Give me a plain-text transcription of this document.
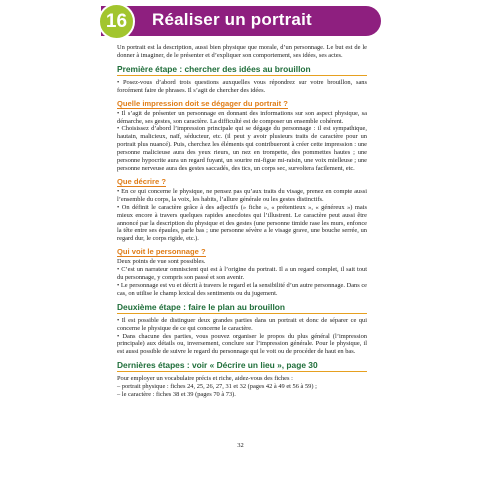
16	Réaliser un portrait

Un portrait est la description, aussi bien physique que morale, d’un personnage. Le but est de le donner à imaginer, de le présenter et d’expliquer son comportement, ses idées, ses actes.

Première étape : chercher des idées au brouillon

• Posez-vous d’abord trois questions auxquelles vous répondrez sur votre brouillon, sans forcément faire de phrases. Il s’agit de chercher des idées.

Quelle impression doit se dégager du portrait ?

• Il s’agit de présenter un personnage en donnant des informations sur son aspect physique, sa démarche, ses gestes, son caractère. La difficulté est de composer un ensemble cohérent.

• Choisissez d’abord l’impression principale qui se dégage du personnage : il est sympathique, hautain, malicieux, naïf, séducteur, etc. (il peut y avoir plusieurs traits de caractère pour un portrait plus nuancé). Puis, cherchez les éléments qui contribueront à créer cette impression : une personne malicieuse aura des yeux rieurs, un nez en trompette, des pommettes hautes ; une personne hypocrite aura un regard fuyant, un sourire mi-figue mi-raisin, une voix mielleuse ; une personne nerveuse aura des gestes saccadés, des tics, un corps sec, survoltera facilement, etc.

Que décrire ?

• En ce qui concerne le physique, ne pensez pas qu’aux traits du visage, prenez en compte aussi l’ensemble du corps, la voix, les habits, l’allure générale ou les gestes distinctifs.

• On définit le caractère grâce à des adjectifs (» fiche », « prétentieux », « généreux ») mais mieux encore à travers quelques rapides anecdotes qui l’illustrent. Le caractère peut aussi être annoncé par la description du physique et des gestes (une personne timide rase les murs, enfonce la tête entre ses épaules, parle bas ; une personne sévère a le visage grave, une bouche serrée, un regard dur, le corps rigide, etc.).

Qui voit le personnage ?

Deux points de vue sont possibles.

• C’est un narrateur omniscient qui est à l’origine du portrait. Il a un regard complet, il sait tout du personnage, y compris son passé et son avenir.

• Le personnage est vu et décrit à travers le regard et la sensibilité d’un autre personnage. Dans ce cas, on utilise le champ lexical des sentiments ou du jugement.

Deuxième étape : faire le plan au brouillon

• Il est possible de distinguer deux grandes parties dans un portrait et donc de séparer ce qui concerne le physique de ce qui concerne le caractère.

• Dans chacune des parties, vous pouvez organiser le propos du plus général (l’impression principale) aux détails ou, inversement, conclure sur l’impression générale. Pour le physique, il est aussi possible de suivre le regard du personnage qui le voit ou de procéder de haut en bas.

Dernières étapes : voir « Décrire un lieu », page 30

Pour employer un vocabulaire précis et riche, aidez-vous des fiches :

– portrait physique : fiches 24, 25, 26, 27, 31 et 32 (pages 42 à 49 et 56 à 59) ;

– le caractère : fiches 38 et 39 (pages 70 à 73).

32
